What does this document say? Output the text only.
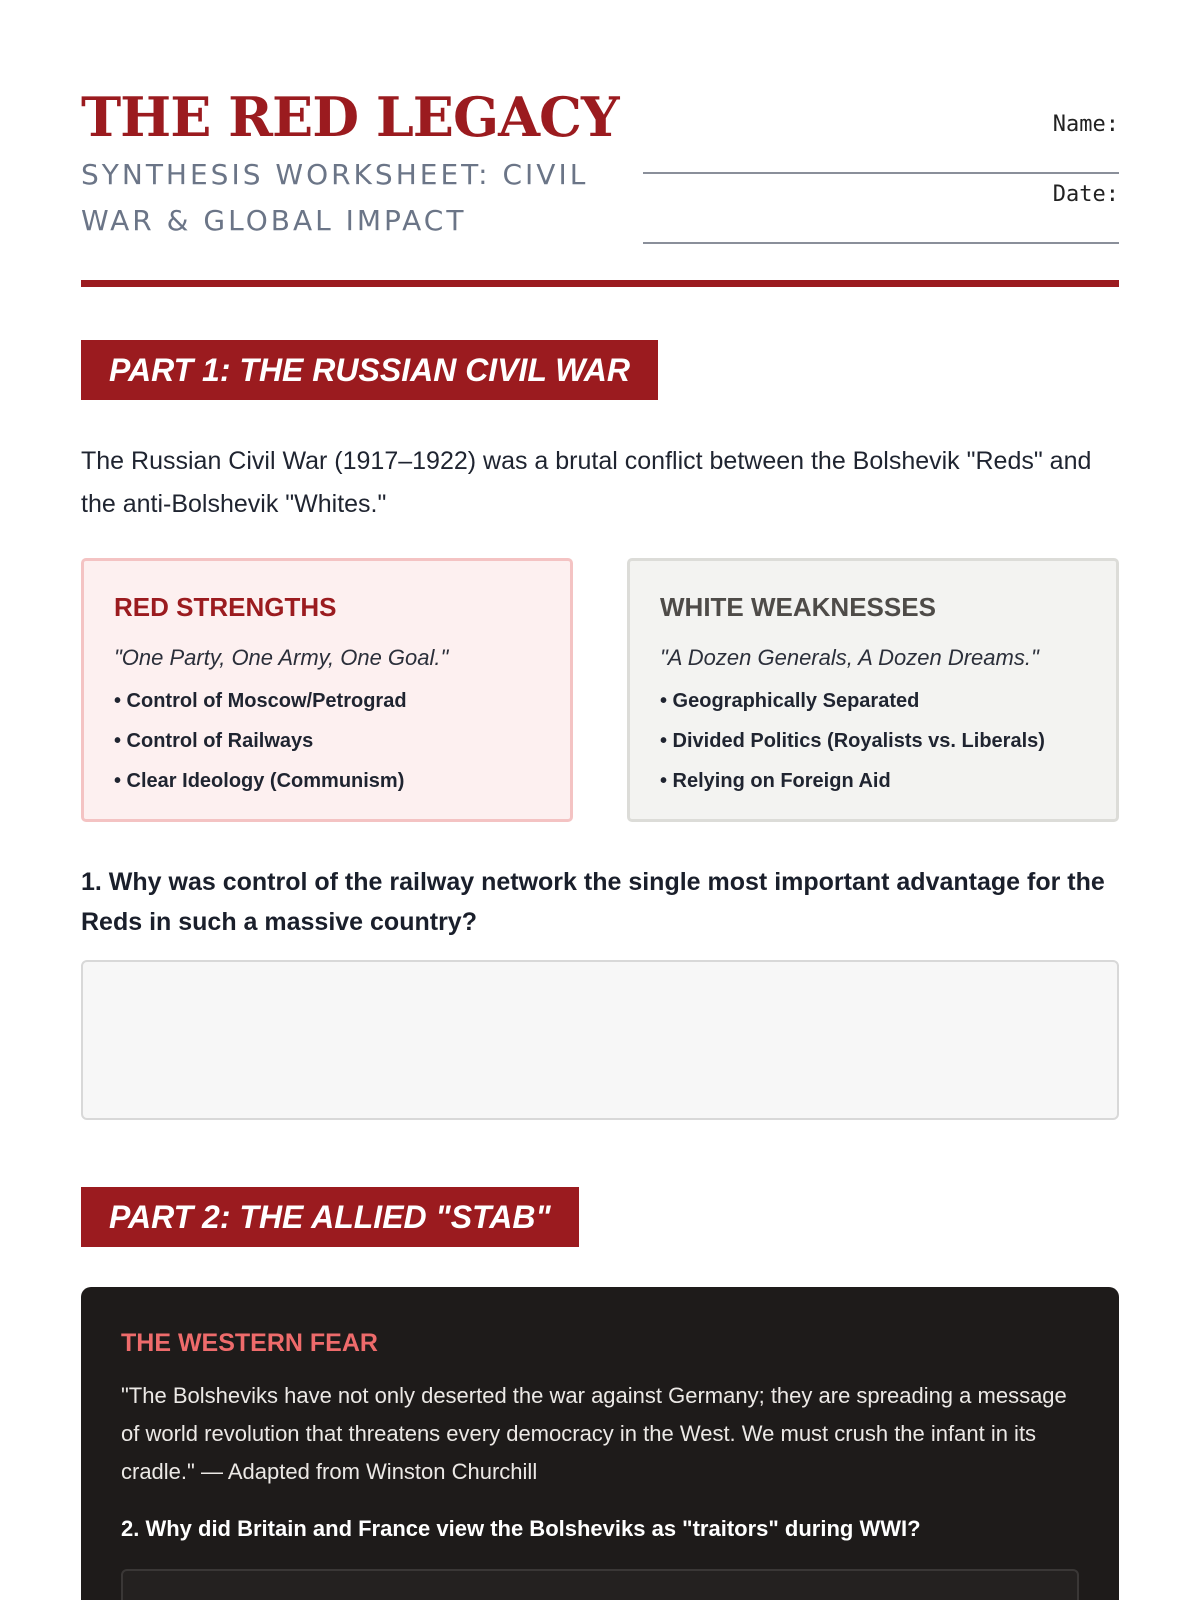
THE RED LEGACY

SYNTHESIS WORKSHEET: CIVIL WAR & GLOBAL IMPACT

Name:
Date:
PART 1: THE RUSSIAN CIVIL WAR
The Russian Civil War (1917–1922) was a brutal conflict between the Bolshevik "Reds" and the anti-Bolshevik "Whites."
RED STRENGTHS
"One Party, One Army, One Goal."
• Control of Moscow/Petrograd
• Control of Railways
• Clear Ideology (Communism)
WHITE WEAKNESSES
"A Dozen Generals, A Dozen Dreams."
• Geographically Separated
• Divided Politics (Royalists vs. Liberals)
• Relying on Foreign Aid
1. Why was control of the railway network the single most important advantage for the Reds in such a massive country?
PART 2: THE ALLIED "STAB"
THE WESTERN FEAR
"The Bolsheviks have not only deserted the war against Germany; they are spreading a message of world revolution that threatens every democracy in the West. We must crush the infant in its cradle." — Adapted from Winston Churchill
2. Why did Britain and France view the Bolsheviks as "traitors" during WWI?
